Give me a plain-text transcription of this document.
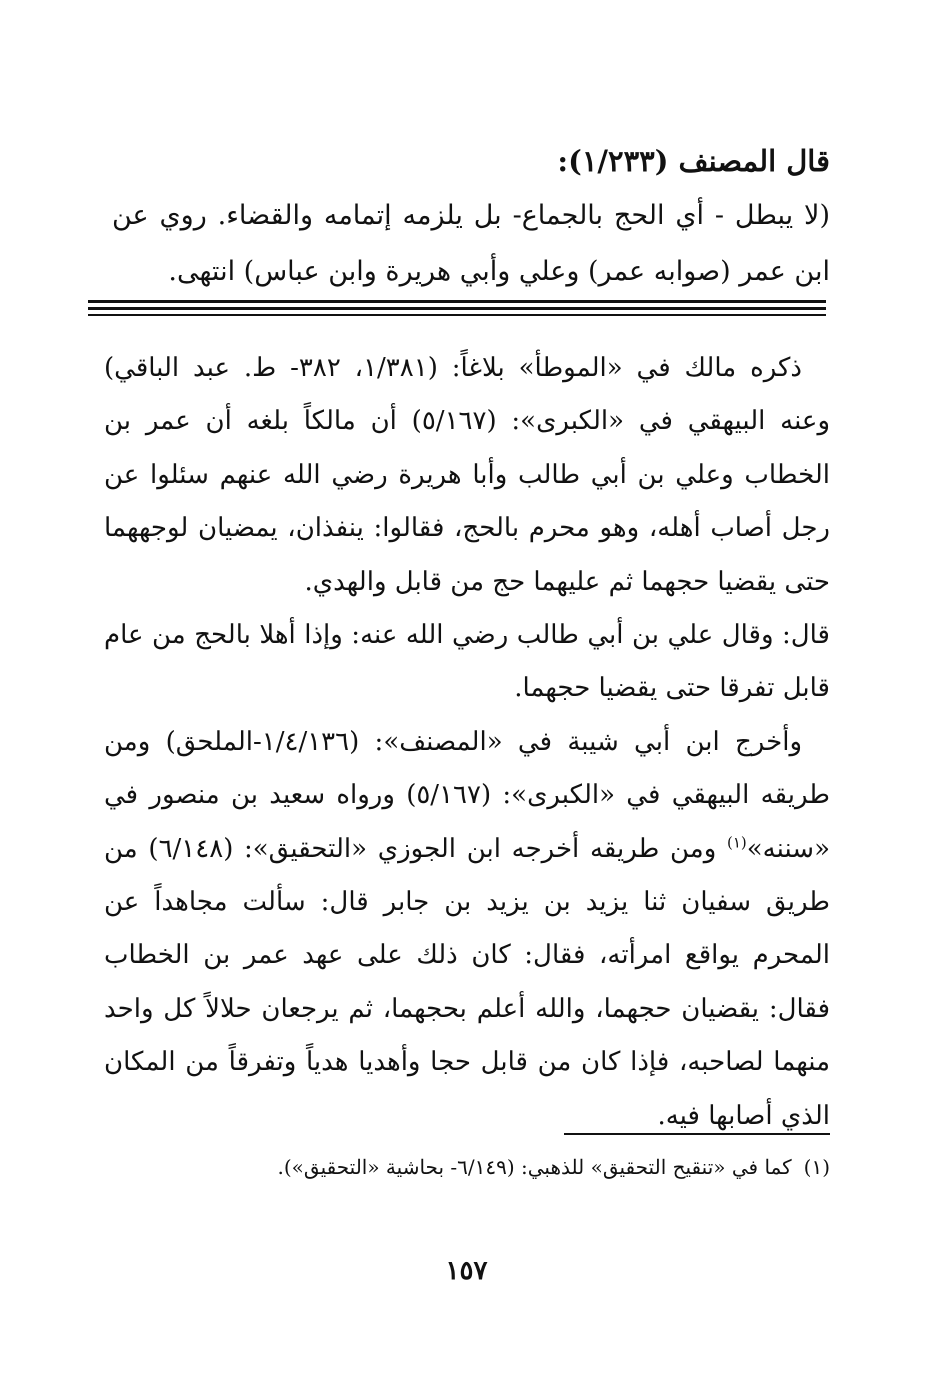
قال المصنف (١/٢٣٣):
(لا يبطل - أي الحج بالجماع- بل يلزمه إتمامه والقضاء. روي عن ابن عمر (صوابه عمر) وعلي وأبي هريرة وابن عباس) انتهى.

ذكره مالك في «الموطأ» بلاغاً: (١/٣٨١، ٣٨٢- ط. عبد الباقي) وعنه البيهقي في «الكبرى»: (٥/١٦٧) أن مالكاً بلغه أن عمر بن الخطاب وعلي بن أبي طالب وأبا هريرة رضي الله عنهم سئلوا عن رجل أصاب أهله، وهو محرم بالحج، فقالوا: ينفذان، يمضيان لوجههما حتى يقضيا حجهما ثم عليهما حج من قابل والهدي.

قال: وقال علي بن أبي طالب رضي الله عنه: وإذا أهلا بالحج من عام قابل تفرقا حتى يقضيا حجهما.

وأخرج ابن أبي شيبة في «المصنف»: (١/٤/١٣٦-الملحق) ومن طريقه البيهقي في «الكبرى»: (٥/١٦٧) ورواه سعيد بن منصور في «سننه»$^{(١)}$ ومن طريقه أخرجه ابن الجوزي «التحقيق»: (٦/١٤٨) من طريق سفيان ثنا يزيد بن يزيد بن جابر قال: سألت مجاهداً عن المحرم يواقع امرأته، فقال: كان ذلك على عهد عمر بن الخطاب فقال: يقضيان حجهما، والله أعلم بحجهما، ثم يرجعان حلالاً كل واحد منهما لصاحبه، فإذا كان من قابل حجا وأهديا هدياً وتفرقاً من المكان الذي أصابها فيه.

(١)كما في «تنقيح التحقيق» للذهبي: (٦/١٤٩- بحاشية «التحقيق»).
١٥٧
